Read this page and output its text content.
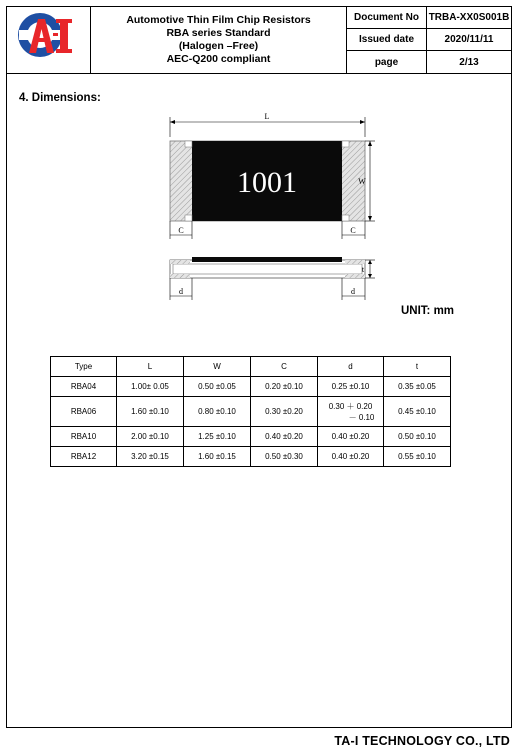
Automotive Thin Film Chip Resistors
RBA series Standard
(Halogen –Free)
AEC-Q200 compliant
Document No TRBA-XX0S001B
Issued date	2020/11/11
page	2/13
4. Dimensions:
L
1001	W
C	C
t
d	d
UNIT: mm
Type	L	W	C	d	t
RBA04	1.00± 0.05	0.50 ±0.05	0.20 ±0.10	0.25 ±0.10	0.35 ±0.05
RBA06	1.60 ±0.10	0.80 ±0.10	0.30 ±0.20	0.30 ＋ 0.20
－ 0.10	0.45 ±0.10
RBA10	2.00 ±0.10	1.25 ±0.10	0.40 ±0.20	0.40 ±0.20	0.50 ±0.10
RBA12	3.20 ±0.15	1.60 ±0.15	0.50 ±0.30	0.40 ±0.20	0.55 ±0.10
TA-I TECHNOLOGY CO., LTD
